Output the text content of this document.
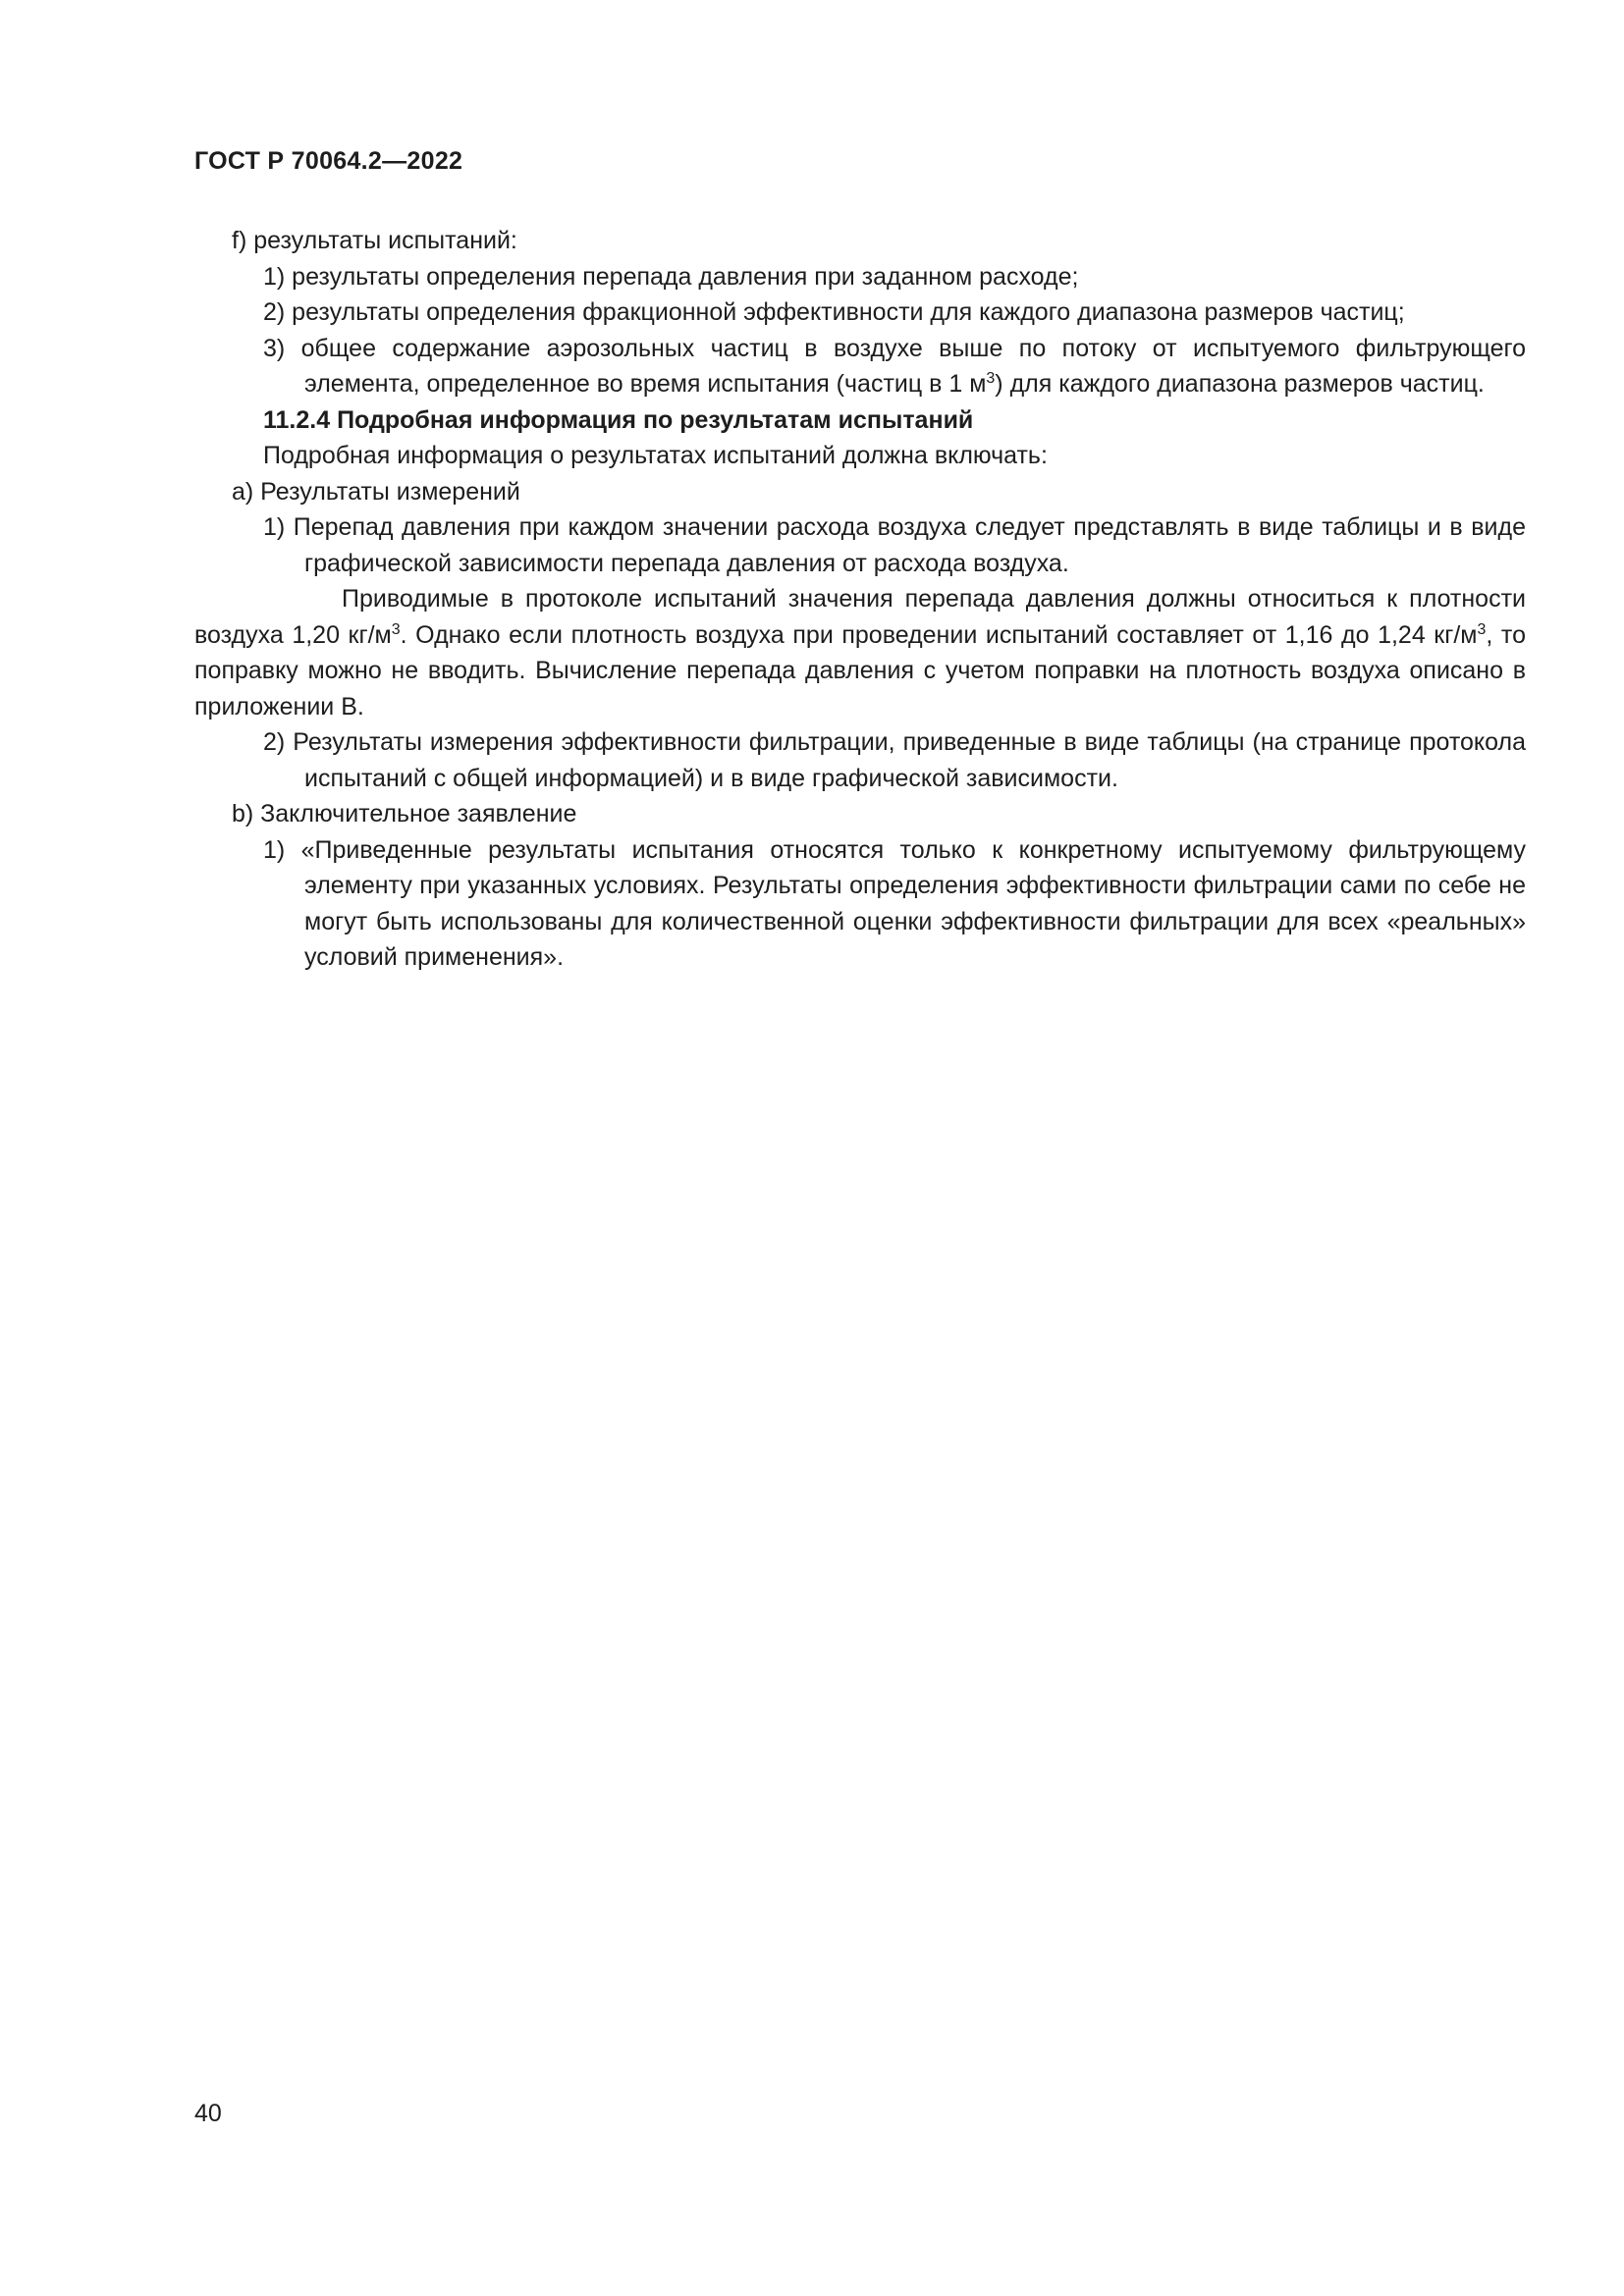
ГОСТ Р 70064.2—2022
f) результаты испытаний:
1) результаты определения перепада давления при заданном расходе;
2) результаты определения фракционной эффективности для каждого диапазона размеров частиц;
3) общее содержание аэрозольных частиц в воздухе выше по потоку от испытуемого фильтрующего элемента, определенное во время испытания (частиц в 1 $м^3$) для каждого диапазона размеров частиц.
11.2.4 Подробная информация по результатам испытаний
Подробная информация о результатах испытаний должна включать:
a) Результаты измерений
1) Перепад давления при каждом значении расхода воздуха следует представлять в виде таблицы и в виде графической зависимости перепада давления от расхода воздуха.
Приводимые в протоколе испытаний значения перепада давления должны относиться к плотности воздуха 1,20 $кг/м^3$. Однако если плотность воздуха при проведении испытаний составляет от 1,16 до 1,24 $кг/м^3$, то поправку можно не вводить. Вычисление перепада давления с учетом поправки на плотность воздуха описано в приложении В.
2) Результаты измерения эффективности фильтрации, приведенные в виде таблицы (на странице протокола испытаний с общей информацией) и в виде графической зависимости.
b) Заключительное заявление
1) «Приведенные результаты испытания относятся только к конкретному испытуемому фильтрующему элементу при указанных условиях. Результаты определения эффективности фильтрации сами по себе не могут быть использованы для количественной оценки эффективности фильтрации для всех «реальных» условий применения».
40
